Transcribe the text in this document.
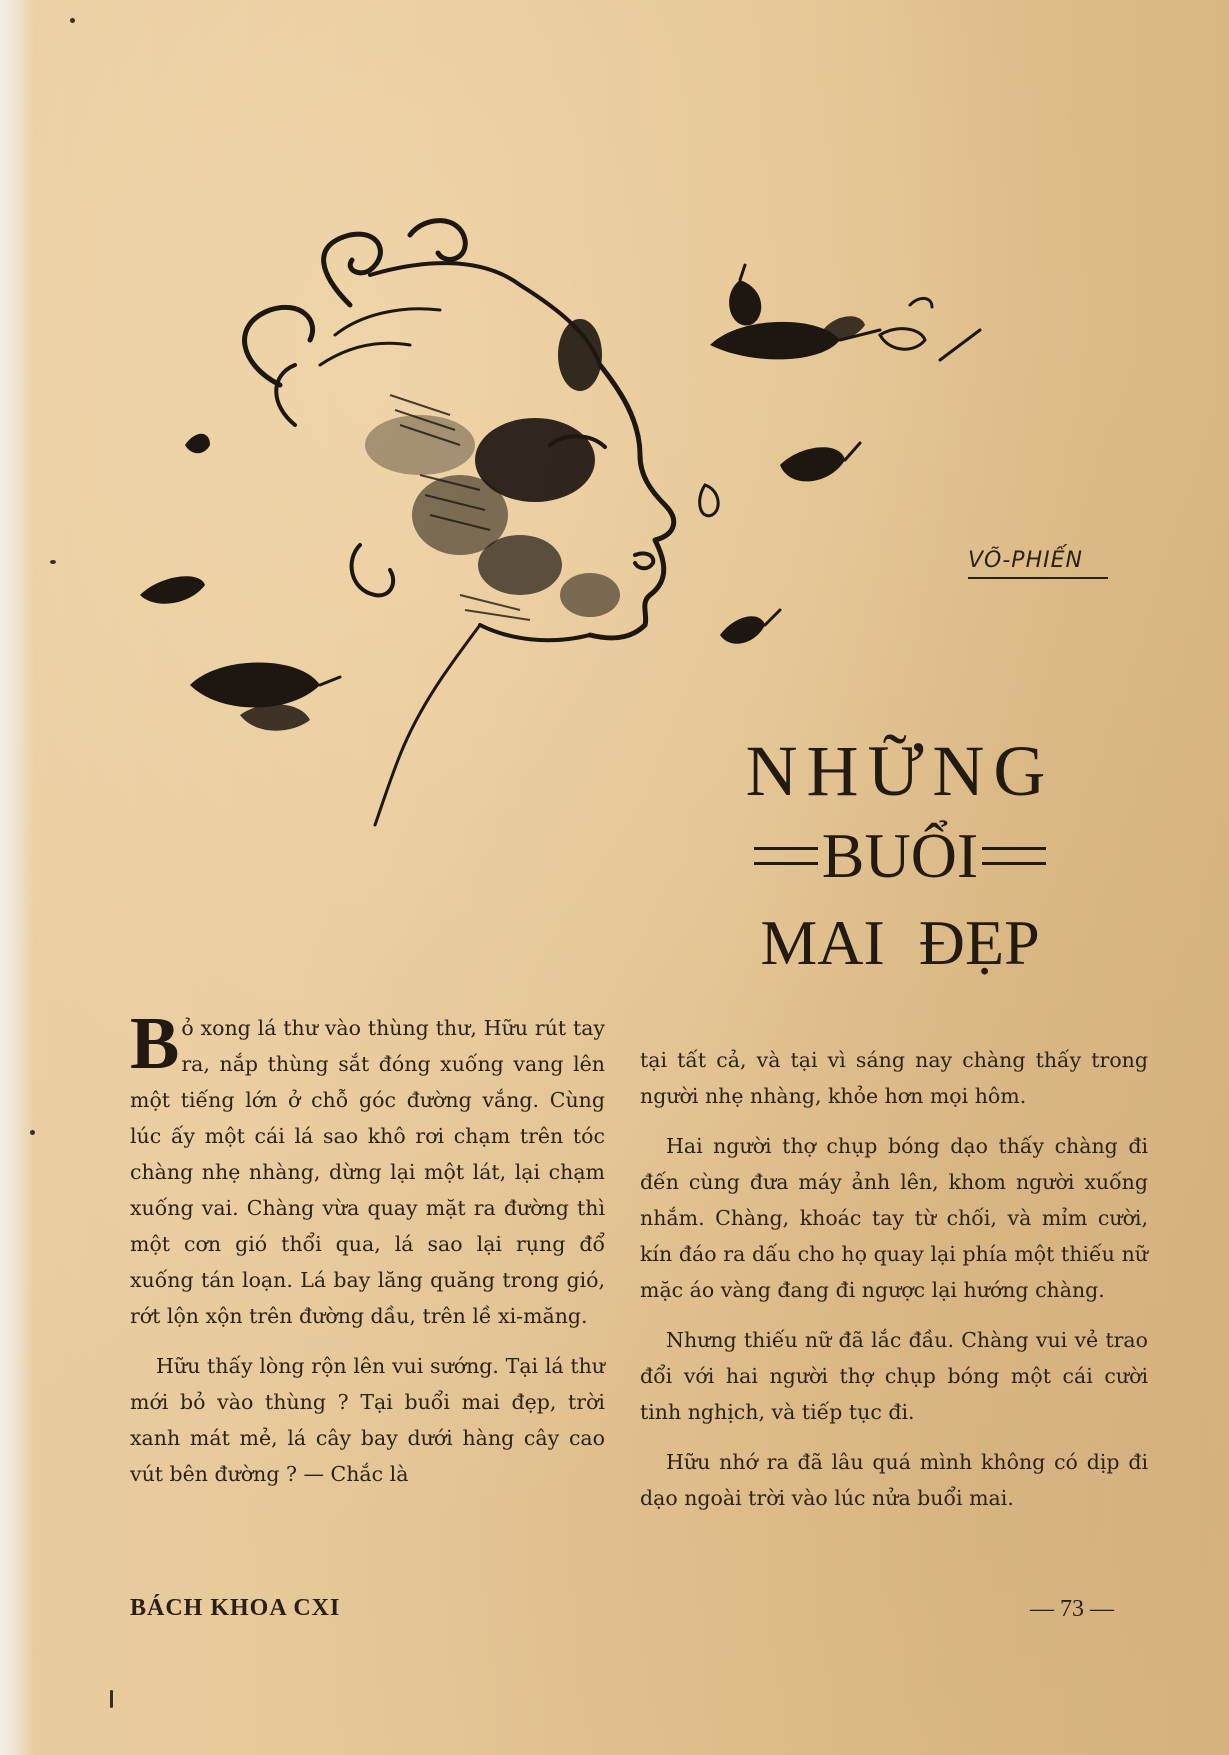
VÕ-PHIẾN
NHỮNG
BUỔI
MAI ĐẸP

Bỏ xong lá thư vào thùng thư, Hữu rút tay ra, nắp thùng sắt đóng xuống vang lên một tiếng lớn ở chỗ góc đường vắng. Cùng lúc ấy một cái lá sao khô rơi chạm trên tóc chàng nhẹ nhàng, dừng lại một lát, lại chạm xuống vai. Chàng vừa quay mặt ra đường thì một cơn gió thổi qua, lá sao lại rụng đổ xuống tán loạn. Lá bay lăng quăng trong gió, rớt lộn xộn trên đường dầu, trên lề xi-măng.

Hữu thấy lòng rộn lên vui sướng. Tại lá thư mới bỏ vào thùng ? Tại buổi mai đẹp, trời xanh mát mẻ, lá cây bay dưới hàng cây cao vút bên đường ? — Chắc là

tại tất cả, và tại vì sáng nay chàng thấy trong người nhẹ nhàng, khỏe hơn mọi hôm.

Hai người thợ chụp bóng dạo thấy chàng đi đến cùng đưa máy ảnh lên, khom người xuống nhắm. Chàng, khoác tay từ chối, và mỉm cười, kín đáo ra dấu cho họ quay lại phía một thiếu nữ mặc áo vàng đang đi ngược lại hướng chàng.

Nhưng thiếu nữ đã lắc đầu. Chàng vui vẻ trao đổi với hai người thợ chụp bóng một cái cười tinh nghịch, và tiếp tục đi.

Hữu nhớ ra đã lâu quá mình không có dịp đi dạo ngoài trời vào lúc nửa buổi mai.

BÁCH KHOA CXI	— 73 —
